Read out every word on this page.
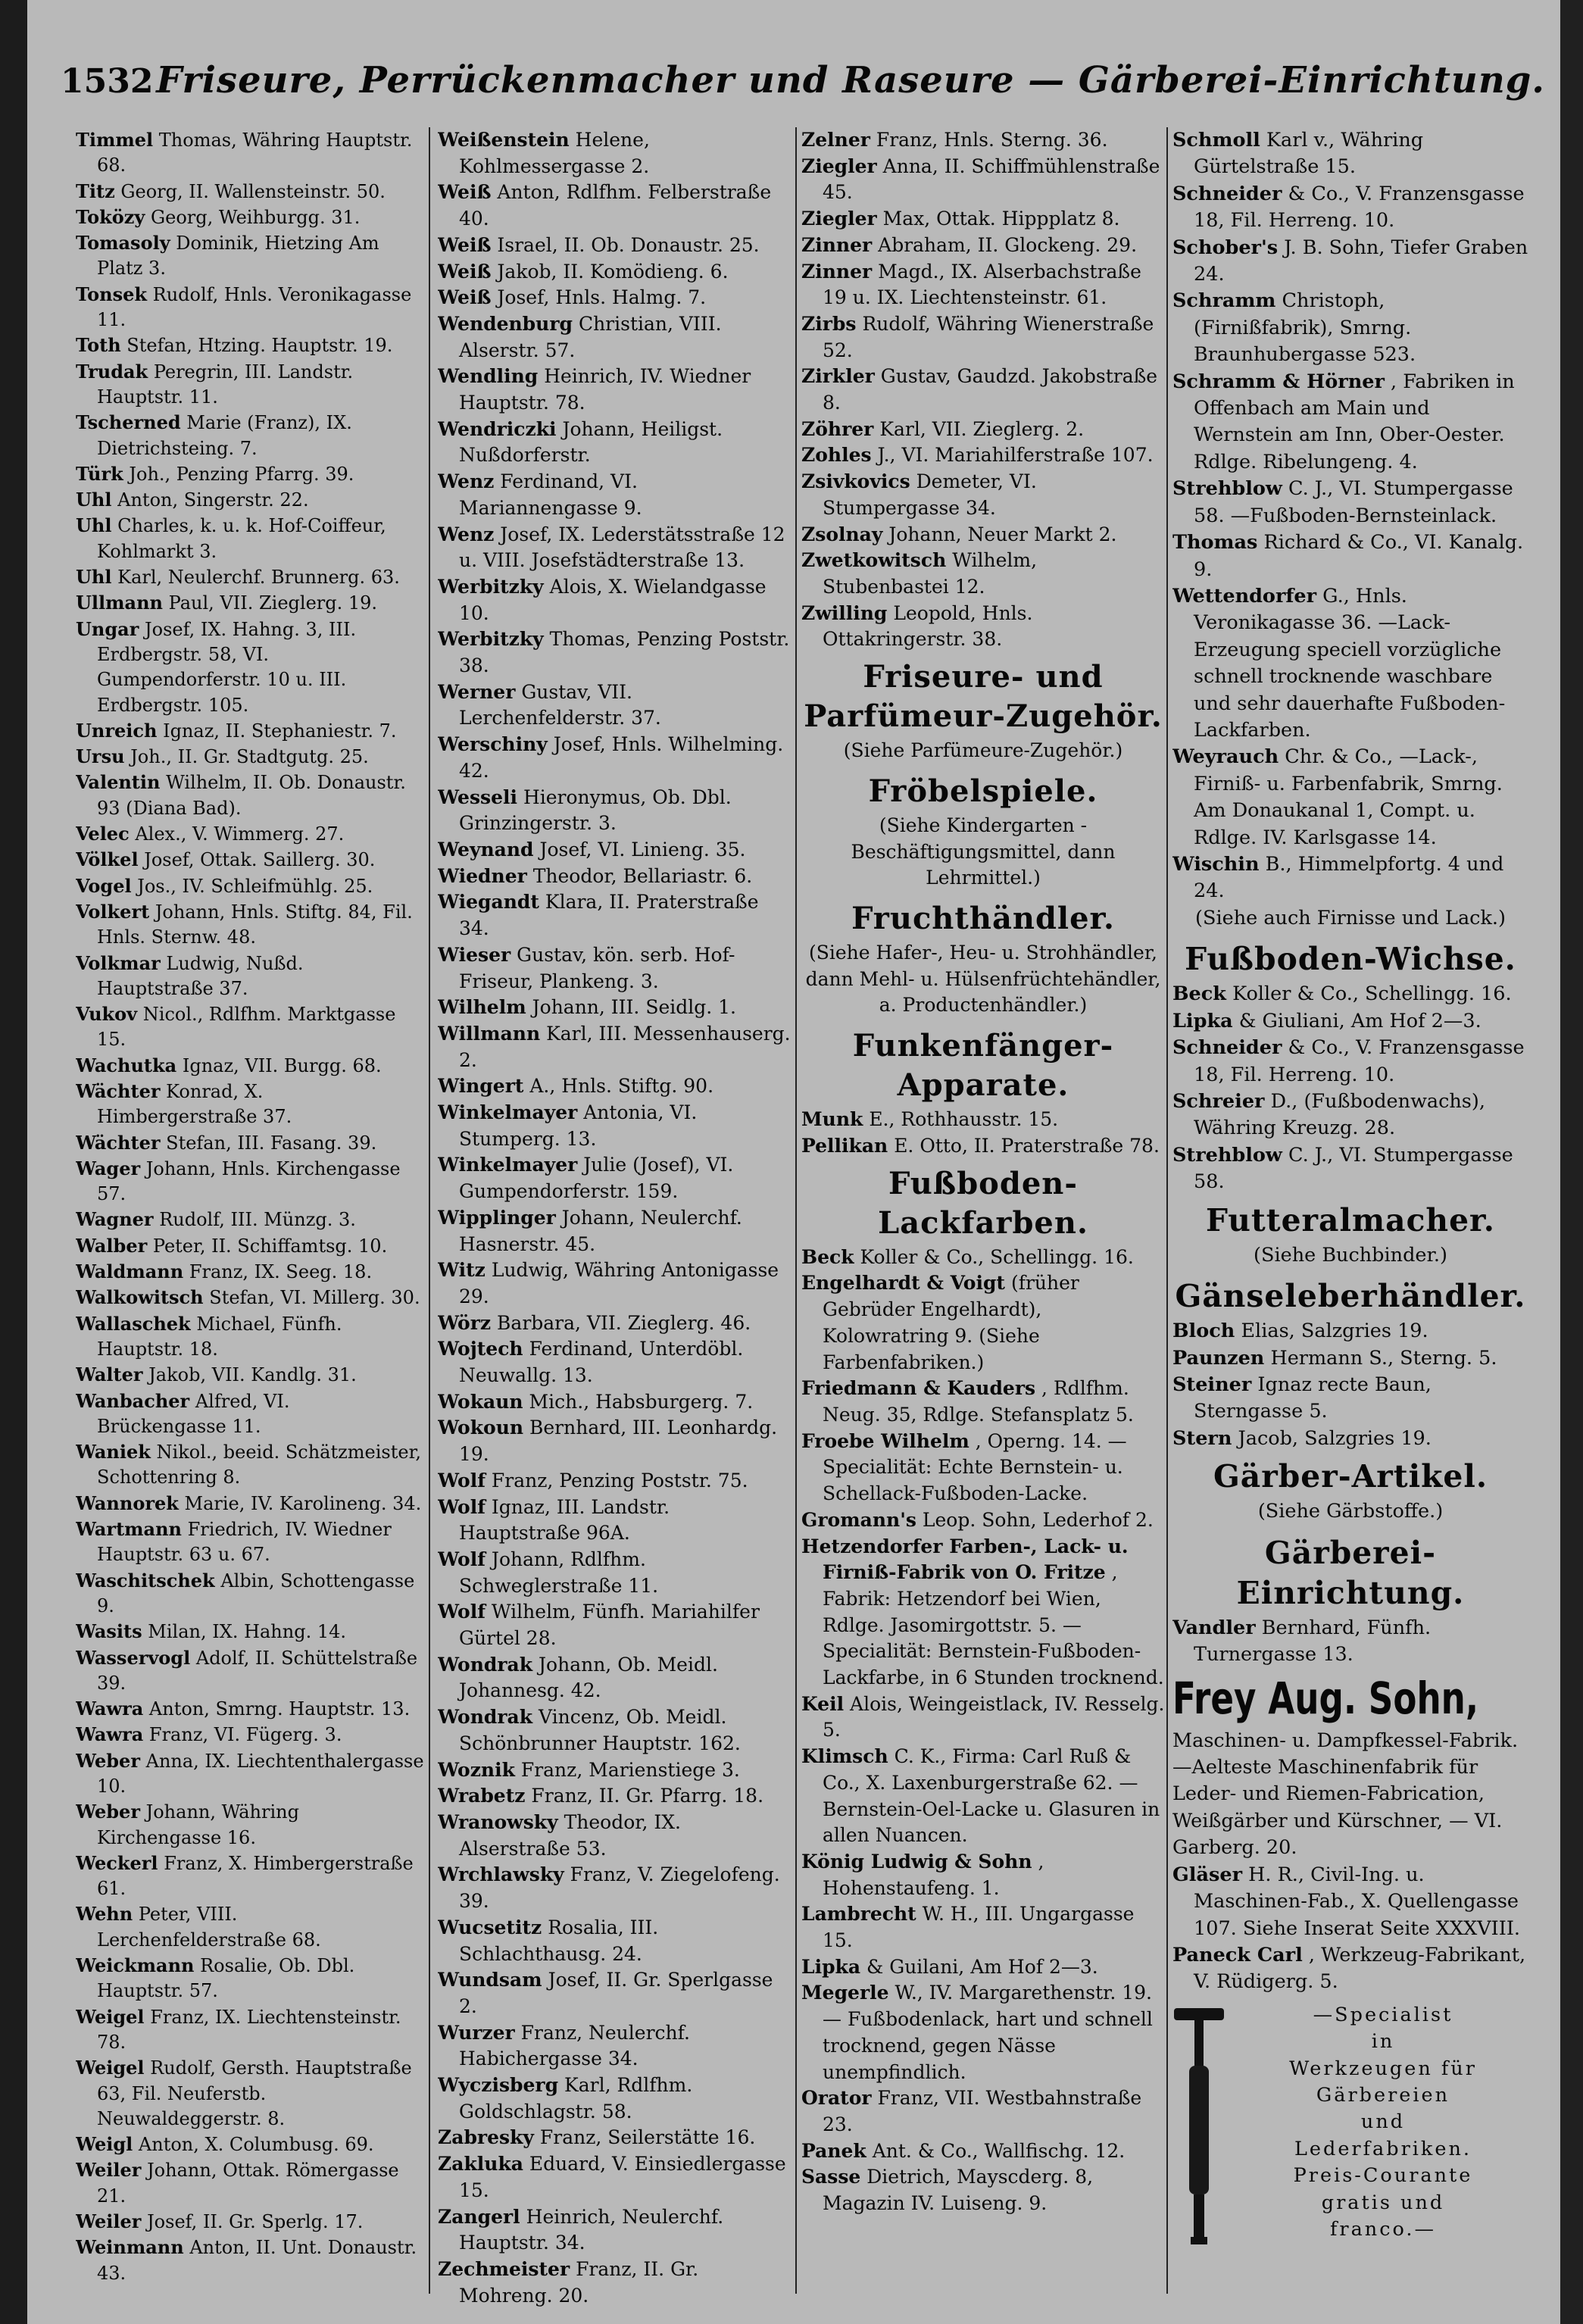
1532 Friseure, Perrückenmacher und Raseure — Gärberei-Einrichtung.

Timmel Thomas, Währing Hauptstr. 68.

Titz Georg, II. Wallensteinstr. 50.

Toközy Georg, Weihburgg. 31.

Tomasoly Dominik, Hietzing Am Platz 3.

Tonsek Rudolf, Hnls. Veronikagasse 11.

Toth Stefan, Htzing. Hauptstr. 19.

Trudak Peregrin, III. Landstr. Hauptstr. 11.

Tscherned Marie (Franz), IX. Dietrichsteing. 7.

Türk Joh., Penzing Pfarrg. 39.

Uhl Anton, Singerstr. 22.

Uhl Charles, k. u. k. Hof-Coiffeur, Kohlmarkt 3.

Uhl Karl, Neulerchf. Brunnerg. 63.

Ullmann Paul, VII. Zieglerg. 19.

Ungar Josef, IX. Hahng. 3, III. Erdbergstr. 58, VI. Gumpendorferstr. 10 u. III. Erdbergstr. 105.

Unreich Ignaz, II. Stephaniestr. 7.

Ursu Joh., II. Gr. Stadtgutg. 25.

Valentin Wilhelm, II. Ob. Donaustr. 93 (Diana Bad).

Velec Alex., V. Wimmerg. 27.

Völkel Josef, Ottak. Saillerg. 30.

Vogel Jos., IV. Schleifmühlg. 25.

Volkert Johann, Hnls. Stiftg. 84, Fil. Hnls. Sternw. 48.

Volkmar Ludwig, Nußd. Hauptstraße 37.

Vukov Nicol., Rdlfhm. Marktgasse 15.

Wachutka Ignaz, VII. Burgg. 68.

Wächter Konrad, X. Himbergerstraße 37.

Wächter Stefan, III. Fasang. 39.

Wager Johann, Hnls. Kirchengasse 57.

Wagner Rudolf, III. Münzg. 3.

Walber Peter, II. Schiffamtsg. 10.

Waldmann Franz, IX. Seeg. 18.

Walkowitsch Stefan, VI. Millerg. 30.

Wallaschek Michael, Fünfh. Hauptstr. 18.

Walter Jakob, VII. Kandlg. 31.

Wanbacher Alfred, VI. Brückengasse 11.

Waniek Nikol., beeid. Schätzmeister, Schottenring 8.

Wannorek Marie, IV. Karolineng. 34.

Wartmann Friedrich, IV. Wiedner Hauptstr. 63 u. 67.

Waschitschek Albin, Schottengasse 9.

Wasits Milan, IX. Hahng. 14.

Wasservogl Adolf, II. Schüttelstraße 39.

Wawra Anton, Smrng. Hauptstr. 13.

Wawra Franz, VI. Fügerg. 3.

Weber Anna, IX. Liechtenthalergasse 10.

Weber Johann, Währing Kirchengasse 16.

Weckerl Franz, X. Himbergerstraße 61.

Wehn Peter, VIII. Lerchenfelderstraße 68.

Weickmann Rosalie, Ob. Dbl. Hauptstr. 57.

Weigel Franz, IX. Liechtensteinstr. 78.

Weigel Rudolf, Gersth. Hauptstraße 63, Fil. Neuferstb. Neuwaldeggerstr. 8.

Weigl Anton, X. Columbusg. 69.

Weiler Johann, Ottak. Römergasse 21.

Weiler Josef, II. Gr. Sperlg. 17.

Weinmann Anton, II. Unt. Donaustr. 43.

Weißenstein Helene, Kohlmessergasse 2.

Weiß Anton, Rdlfhm. Felberstraße 40.

Weiß Israel, II. Ob. Donaustr. 25.

Weiß Jakob, II. Komödieng. 6.

Weiß Josef, Hnls. Halmg. 7.

Wendenburg Christian, VIII. Alserstr. 57.

Wendling Heinrich, IV. Wiedner Hauptstr. 78.

Wendriczki Johann, Heiligst. Nußdorferstr.

Wenz Ferdinand, VI. Mariannengasse 9.

Wenz Josef, IX. Lederstätsstraße 12 u. VIII. Josefstädterstraße 13.

Werbitzky Alois, X. Wielandgasse 10.

Werbitzky Thomas, Penzing Poststr. 38.

Werner Gustav, VII. Lerchenfelderstr. 37.

Werschiny Josef, Hnls. Wilhelming. 42.

Wesseli Hieronymus, Ob. Dbl. Grinzingerstr. 3.

Weynand Josef, VI. Linieng. 35.

Wiedner Theodor, Bellariastr. 6.

Wiegandt Klara, II. Praterstraße 34.

Wieser Gustav, kön. serb. Hof-Friseur, Plankeng. 3.

Wilhelm Johann, III. Seidlg. 1.

Willmann Karl, III. Messenhauserg. 2.

Wingert A., Hnls. Stiftg. 90.

Winkelmayer Antonia, VI. Stumperg. 13.

Winkelmayer Julie (Josef), VI. Gumpendorferstr. 159.

Wipplinger Johann, Neulerchf. Hasnerstr. 45.

Witz Ludwig, Währing Antonigasse 29.

Wörz Barbara, VII. Zieglerg. 46.

Wojtech Ferdinand, Unterdöbl. Neuwallg. 13.

Wokaun Mich., Habsburgerg. 7.

Wokoun Bernhard, III. Leonhardg. 19.

Wolf Franz, Penzing Poststr. 75.

Wolf Ignaz, III. Landstr. Hauptstraße 96A.

Wolf Johann, Rdlfhm. Schweglerstraße 11.

Wolf Wilhelm, Fünfh. Mariahilfer Gürtel 28.

Wondrak Johann, Ob. Meidl. Johannesg. 42.

Wondrak Vincenz, Ob. Meidl. Schönbrunner Hauptstr. 162.

Woznik Franz, Marienstiege 3.

Wrabetz Franz, II. Gr. Pfarrg. 18.

Wranowsky Theodor, IX. Alserstraße 53.

Wrchlawsky Franz, V. Ziegelofeng. 39.

Wucsetitz Rosalia, III. Schlachthausg. 24.

Wundsam Josef, II. Gr. Sperlgasse 2.

Wurzer Franz, Neulerchf. Habichergasse 34.

Wyczisberg Karl, Rdlfhm. Goldschlagstr. 58.

Zabresky Franz, Seilerstätte 16.

Zakluka Eduard, V. Einsiedlergasse 15.

Zangerl Heinrich, Neulerchf. Hauptstr. 34.

Zechmeister Franz, II. Gr. Mohreng. 20.

Zelner Franz, Hnls. Sterng. 36.

Ziegler Anna, II. Schiffmühlenstraße 45.

Ziegler Max, Ottak. Hippplatz 8.

Zinner Abraham, II. Glockeng. 29.

Zinner Magd., IX. Alserbachstraße 19 u. IX. Liechtensteinstr. 61.

Zirbs Rudolf, Währing Wienerstraße 52.

Zirkler Gustav, Gaudzd. Jakobstraße 8.

Zöhrer Karl, VII. Zieglerg. 2.

Zohles J., VI. Mariahilferstraße 107.

Zsivkovics Demeter, VI. Stumpergasse 34.

Zsolnay Johann, Neuer Markt 2.

Zwetkowitsch Wilhelm, Stubenbastei 12.

Zwilling Leopold, Hnls. Ottakringerstr. 38.

Friseure- und Parfümeur-Zugehör.
(Siehe Parfümeure-Zugehör.)
Fröbelspiele.
(Siehe Kindergarten - Beschäftigungsmittel, dann Lehrmittel.)
Fruchthändler.
(Siehe Hafer-, Heu- u. Strohhändler, dann Mehl- u. Hülsenfrüchtehändler, a. Productenhändler.)
Funkenfänger-Apparate.

Munk E., Rothhausstr. 15.

Pellikan E. Otto, II. Praterstraße 78.

Fußboden-Lackfarben.

Beck Koller & Co., Schellingg. 16.

Engelhardt & Voigt (früher Gebrüder Engelhardt), Kolowratring 9. (Siehe Farbenfabriken.)

Friedmann & Kauders , Rdlfhm. Neug. 35, Rdlge. Stefansplatz 5.

Froebe Wilhelm , Operng. 14. —Specialität: Echte Bernstein- u. Schellack-Fußboden-Lacke.

Gromann's Leop. Sohn, Lederhof 2.

Hetzendorfer Farben-, Lack- u. Firniß-Fabrik von O. Fritze , Fabrik: Hetzendorf bei Wien, Rdlge. Jasomirgottstr. 5. —Specialität: Bernstein-Fußboden-Lackfarbe, in 6 Stunden trocknend.

Keil Alois, Weingeistlack, IV. Resselg. 5.

Klimsch C. K., Firma: Carl Ruß & Co., X. Laxenburgerstraße 62. —Bernstein-Oel-Lacke u. Glasuren in allen Nuancen.

König Ludwig & Sohn , Hohenstaufeng. 1.

Lambrecht W. H., III. Ungargasse 15.

Lipka & Guilani, Am Hof 2—3.

Megerle W., IV. Margarethenstr. 19. — Fußbodenlack, hart und schnell trocknend, gegen Nässe unempfindlich.

Orator Franz, VII. Westbahnstraße 23.

Panek Ant. & Co., Wallfischg. 12.

Sasse Dietrich, Mayscderg. 8, Magazin IV. Luiseng. 9.

Schmoll Karl v., Währing Gürtelstraße 15.

Schneider & Co., V. Franzensgasse 18, Fil. Herreng. 10.

Schober's J. B. Sohn, Tiefer Graben 24.

Schramm Christoph, (Firnißfabrik), Smrng. Braunhubergasse 523.

Schramm & Hörner , Fabriken in Offenbach am Main und Wernstein am Inn, Ober-Oester. Rdlge. Ribelungeng. 4.

Strehblow C. J., VI. Stumpergasse 58. —Fußboden-Bernsteinlack.

Thomas Richard & Co., VI. Kanalg. 9.

Wettendorfer G., Hnls. Veronikagasse 36. —Lack-Erzeugung speciell vorzügliche schnell trocknende waschbare und sehr dauerhafte Fußboden-Lackfarben.

Weyrauch Chr. & Co., —Lack-, Firniß- u. Farbenfabrik, Smrng. Am Donaukanal 1, Compt. u. Rdlge. IV. Karlsgasse 14.

Wischin B., Himmelpfortg. 4 und 24.

(Siehe auch Firnisse und Lack.)
Fußboden-Wichse.

Beck Koller & Co., Schellingg. 16.

Lipka & Giuliani, Am Hof 2—3.

Schneider & Co., V. Franzensgasse 18, Fil. Herreng. 10.

Schreier D., (Fußbodenwachs), Währing Kreuzg. 28.

Strehblow C. J., VI. Stumpergasse 58.

Futteralmacher.
(Siehe Buchbinder.)
Gänseleberhändler.

Bloch Elias, Salzgries 19.

Paunzen Hermann S., Sterng. 5.

Steiner Ignaz recte Baun, Sterngasse 5.

Stern Jacob, Salzgries 19.

Gärber-Artikel.
(Siehe Gärbstoffe.)
Gärberei-Einrichtung.

Vandler Bernhard, Fünfh. Turnergasse 13.

Frey Aug. Sohn,

Maschinen- u. Dampfkessel-Fabrik. —Aelteste Maschinenfabrik für Leder- und Riemen-Fabrication, Weißgärber und Kürschner, — VI. Garberg. 20.

Gläser H. R., Civil-Ing. u. Maschinen-Fab., X. Quellengasse 107. Siehe Inserat Seite XXXVIII.

Paneck Carl , Werkzeug-Fabrikant, V. Rüdigerg. 5.

—Specialist
in
Werkzeugen für
Gärbereien
und
Lederfabriken.
Preis-Courante
gratis und
franco.—
